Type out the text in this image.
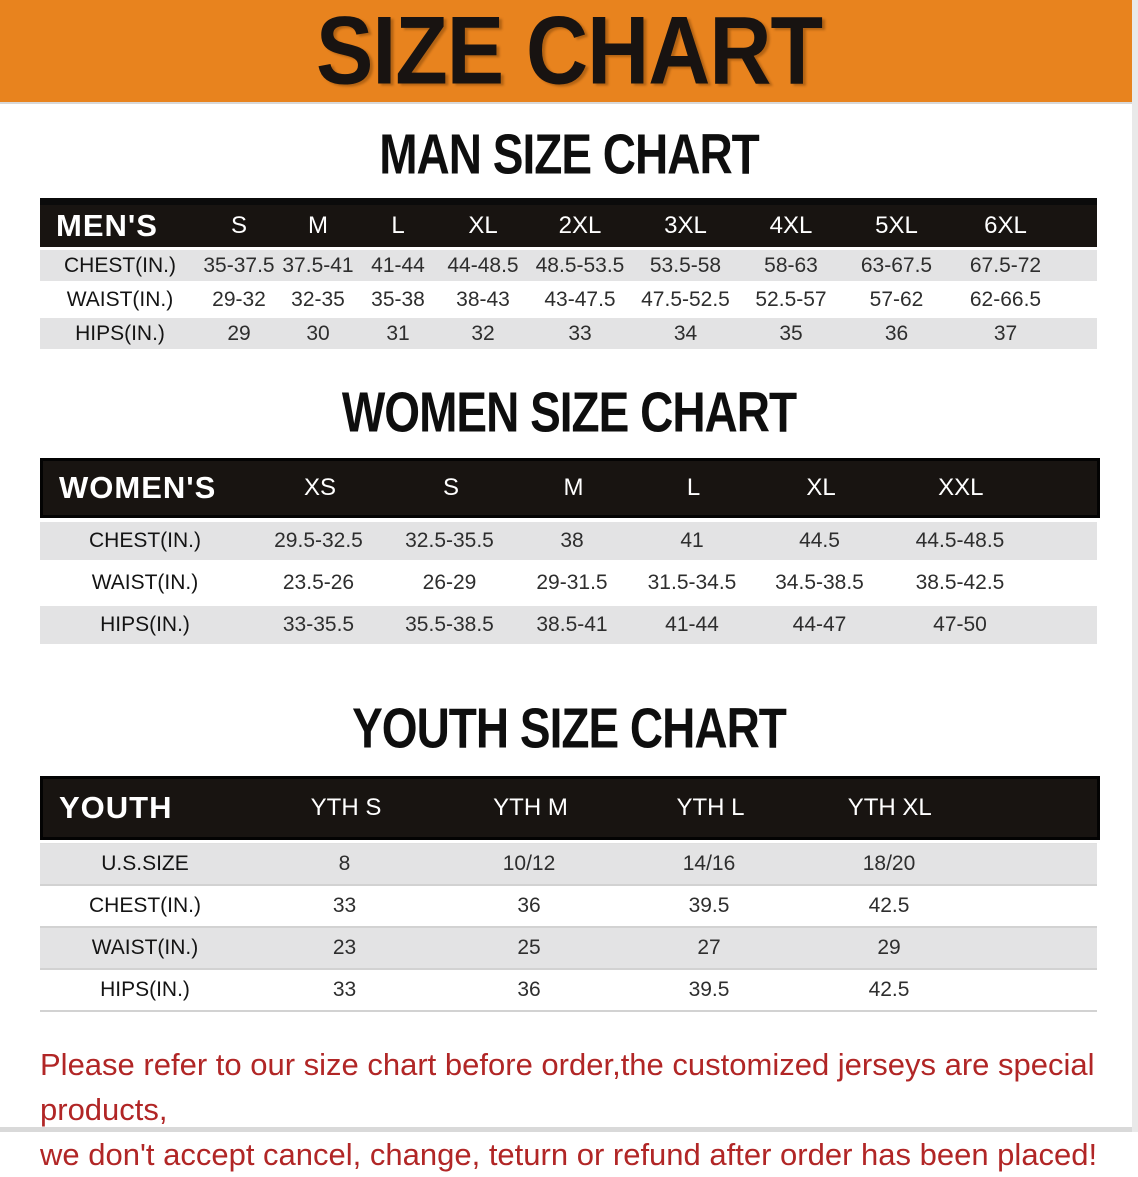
SIZE CHART
MAN SIZE CHART
MEN'S	S	M	L	XL	2XL	3XL	4XL	5XL	6XL
CHEST(IN.)	35-37.5	37.5-41	41-44	44-48.5	48.5-53.5	53.5-58	58-63	63-67.5	67.5-72
WAIST(IN.)	29-32	32-35	35-38	38-43	43-47.5	47.5-52.5	52.5-57	57-62	62-66.5
HIPS(IN.)	29	30	31	32	33	34	35	36	37
WOMEN SIZE CHART
WOMEN'S	XS	S	M	L	XL	XXL
CHEST(IN.)	29.5-32.5	32.5-35.5	38	41	44.5	44.5-48.5
WAIST(IN.)	23.5-26	26-29	29-31.5	31.5-34.5	34.5-38.5	38.5-42.5
HIPS(IN.)	33-35.5	35.5-38.5	38.5-41	41-44	44-47	47-50
YOUTH SIZE CHART
YOUTH	YTH S	YTH M	YTH L	YTH XL
U.S.SIZE	8	10/12	14/16	18/20
CHEST(IN.)	33	36	39.5	42.5
WAIST(IN.)	23	25	27	29
HIPS(IN.)	33	36	39.5	42.5

Please refer to our size chart before order,the customized jerseys are special products,
we don't accept cancel, change, teturn or refund after order has been placed!
